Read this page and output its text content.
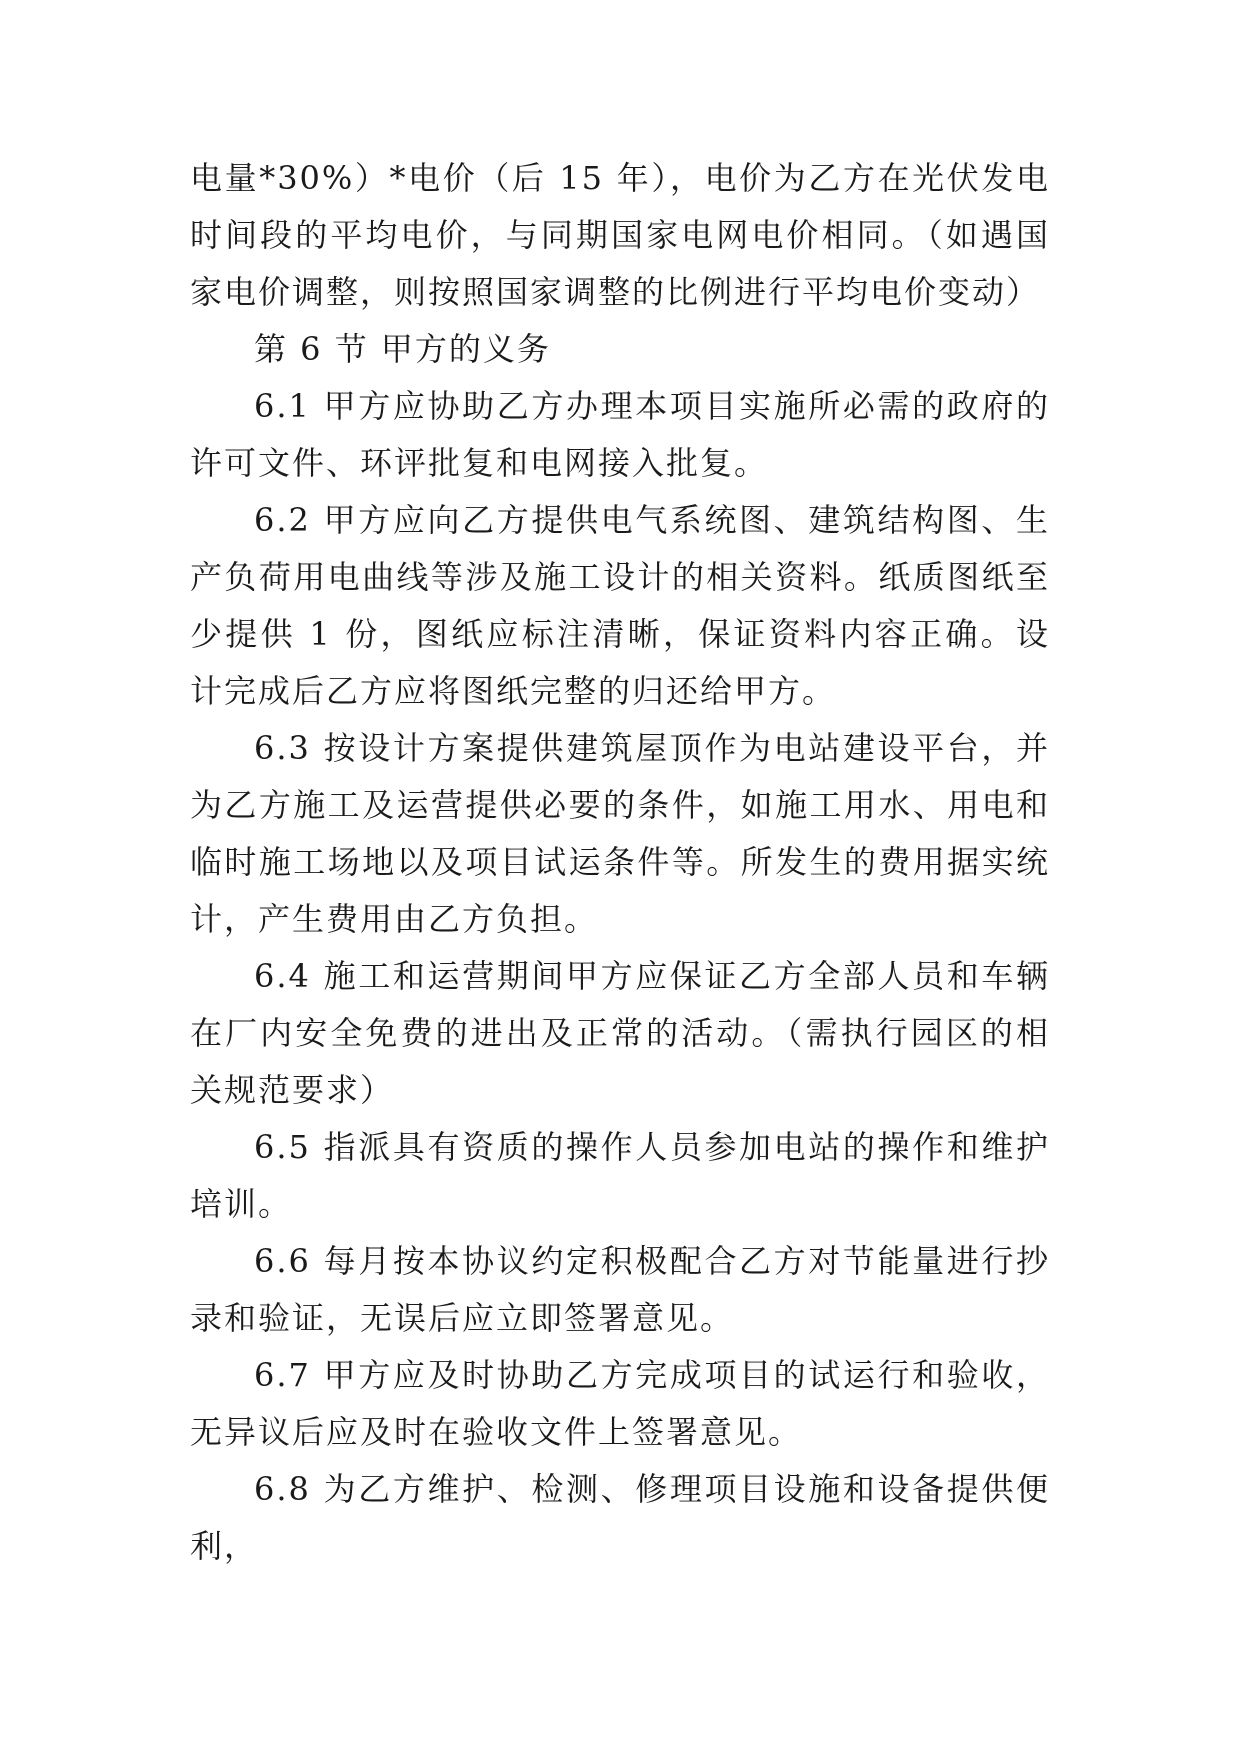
电量*30%）*电价（后 15 年），电价为乙方在光伏发电时间段的平均电价，与同期国家电网电价相同。（如遇国家电价调整，则按照国家调整的比例进行平均电价变动）

第 6 节 甲方的义务

6.1 甲方应协助乙方办理本项目实施所必需的政府的许可文件、环评批复和电网接入批复。

6.2 甲方应向乙方提供电气系统图、建筑结构图、生产负荷用电曲线等涉及施工设计的相关资料。纸质图纸至少提供 1 份，图纸应标注清晰，保证资料内容正确。设计完成后乙方应将图纸完整的归还给甲方。

6.3 按设计方案提供建筑屋顶作为电站建设平台，并为乙方施工及运营提供必要的条件，如施工用水、用电和临时施工场地以及项目试运条件等。所发生的费用据实统计，产生费用由乙方负担。

6.4 施工和运营期间甲方应保证乙方全部人员和车辆在厂内安全免费的进出及正常的活动。（需执行园区的相关规范要求）

6.5 指派具有资质的操作人员参加电站的操作和维护培训。

6.6 每月按本协议约定积极配合乙方对节能量进行抄录和验证，无误后应立即签署意见。

6.7 甲方应及时协助乙方完成项目的试运行和验收，无异议后应及时在验收文件上签署意见。

6.8 为乙方维护、检测、修理项目设施和设备提供便利，
